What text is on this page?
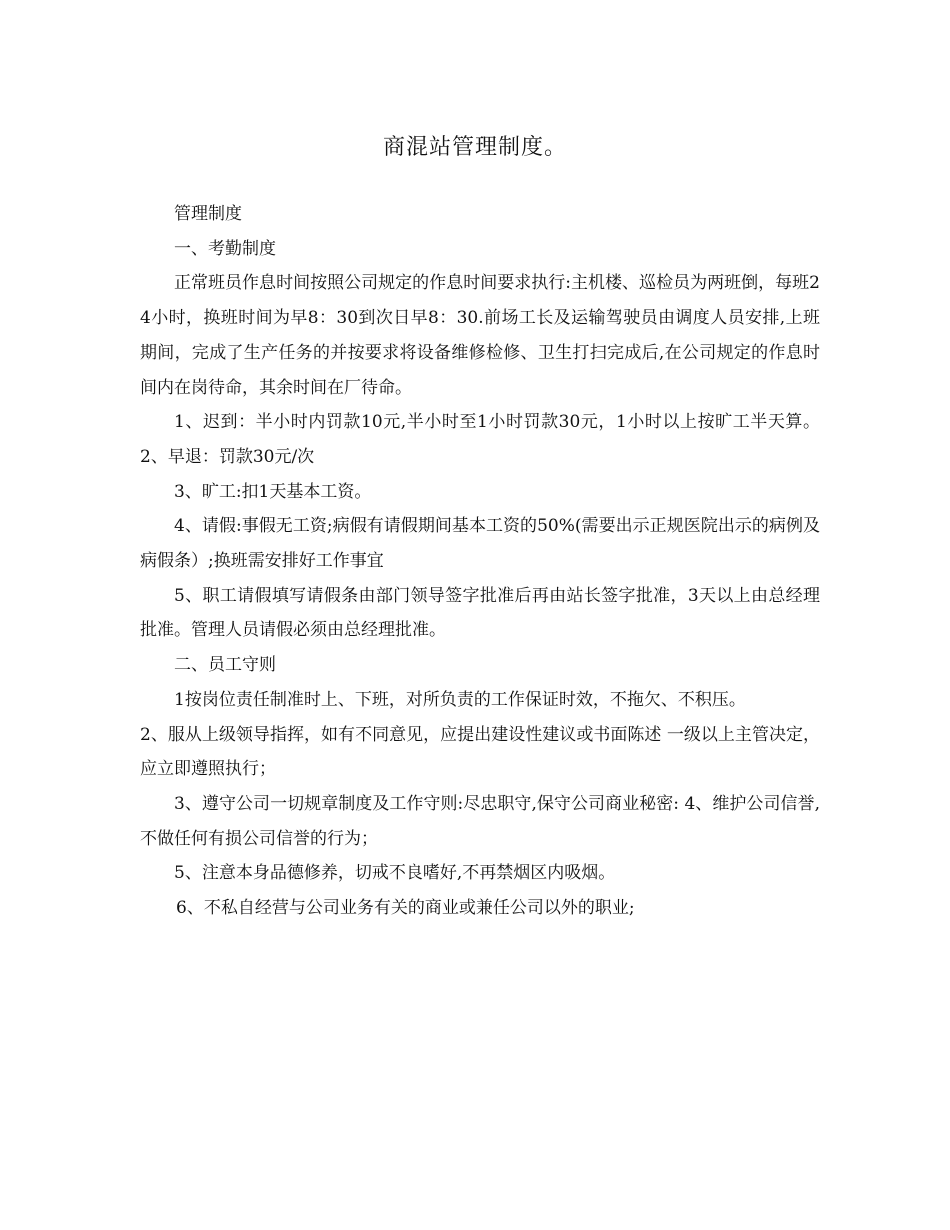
商混站管理制度。

管理制度

一、考勤制度

正常班员作息时间按照公司规定的作息时间要求执行:主机楼、巡检员为两班倒，每班24小时，换班时间为早8：30到次日早8：30.前场工长及运输驾驶员由调度人员安排,上班期间，完成了生产任务的并按要求将设备维修检修、卫生打扫完成后,在公司规定的作息时间内在岗待命，其余时间在厂待命。

1、迟到：半小时内罚款10元,半小时至1小时罚款30元，1小时以上按旷工半天算。 2、早退：罚款30元/次

3、旷工:扣1天基本工资。

4、请假:事假无工资;病假有请假期间基本工资的50%(需要出示正规医院出示的病例及病假条）;换班需安排好工作事宜

5、职工请假填写请假条由部门领导签字批准后再由站长签字批准，3天以上由总经理批准。管理人员请假必须由总经理批准。

二、员工守则

1按岗位责任制准时上、下班，对所负责的工作保证时效，不拖欠、不积压。

2、服从上级领导指挥，如有不同意见，应提出建设性建议或书面陈述 一级以上主管决定，应立即遵照执行；

3、遵守公司一切规章制度及工作守则:尽忠职守,保守公司商业秘密: 4、维护公司信誉,不做任何有损公司信誉的行为；

5、注意本身品德修养，切戒不良嗜好,不再禁烟区内吸烟。

6、不私自经营与公司业务有关的商业或兼任公司以外的职业;
